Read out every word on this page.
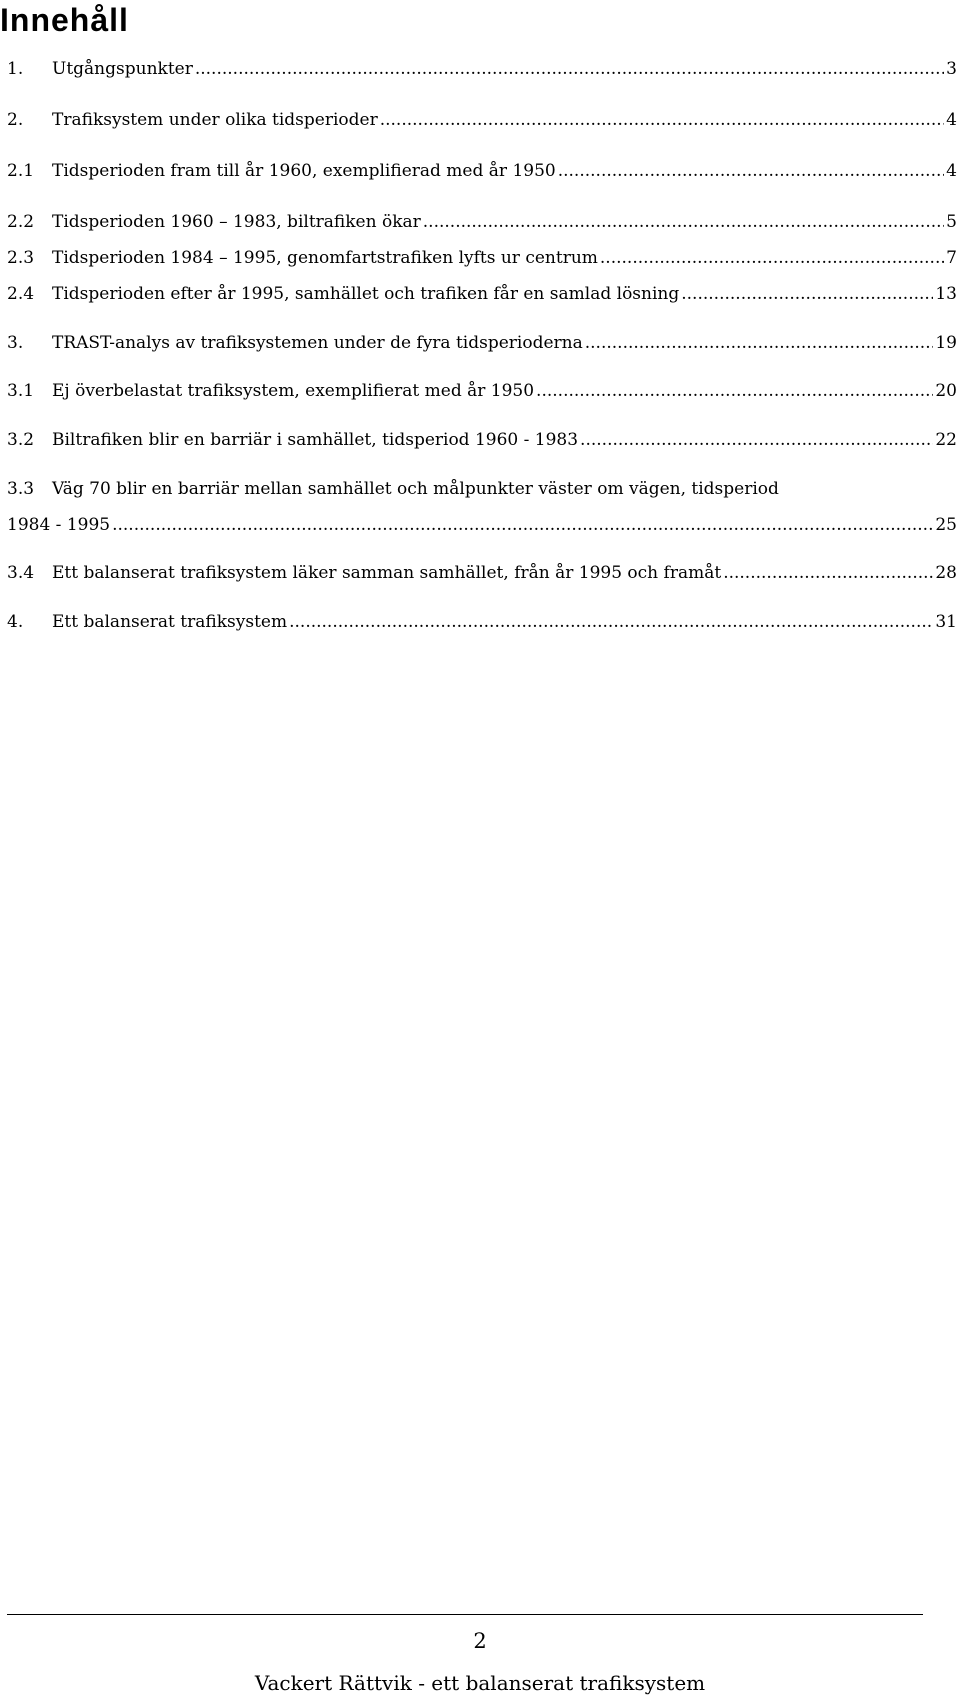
Innehåll
1.	Utgångspunkter .....	3
2.	Trafiksystem under olika tidsperioder .....	4
2.1	Tidsperioden fram till år 1960, exemplifierad med år 1950 .....	4
2.2	Tidsperioden 1960 – 1983, biltrafiken ökar .....	5
2.3	Tidsperioden 1984 – 1995, genomfartstrafiken lyfts ur centrum .....	7
2.4	Tidsperioden efter år 1995, samhället och trafiken får en samlad lösning .....	13
3.	TRAST-analys av trafiksystemen under de fyra tidsperioderna .....	19
3.1	Ej överbelastat trafiksystem, exemplifierat med år 1950 .....	20
3.2	Biltrafiken blir en barriär i samhället, tidsperiod 1960 - 1983 .....	22
3.3	Väg 70 blir en barriär mellan samhället och målpunkter väster om vägen, tidsperiod
1984 - 1995 .....	25
3.4	Ett balanserat trafiksystem läker samman samhället, från år 1995 och framåt .....	28
4.	Ett balanserat trafiksystem .....	31
2
Vackert Rättvik - ett balanserat trafiksystem
